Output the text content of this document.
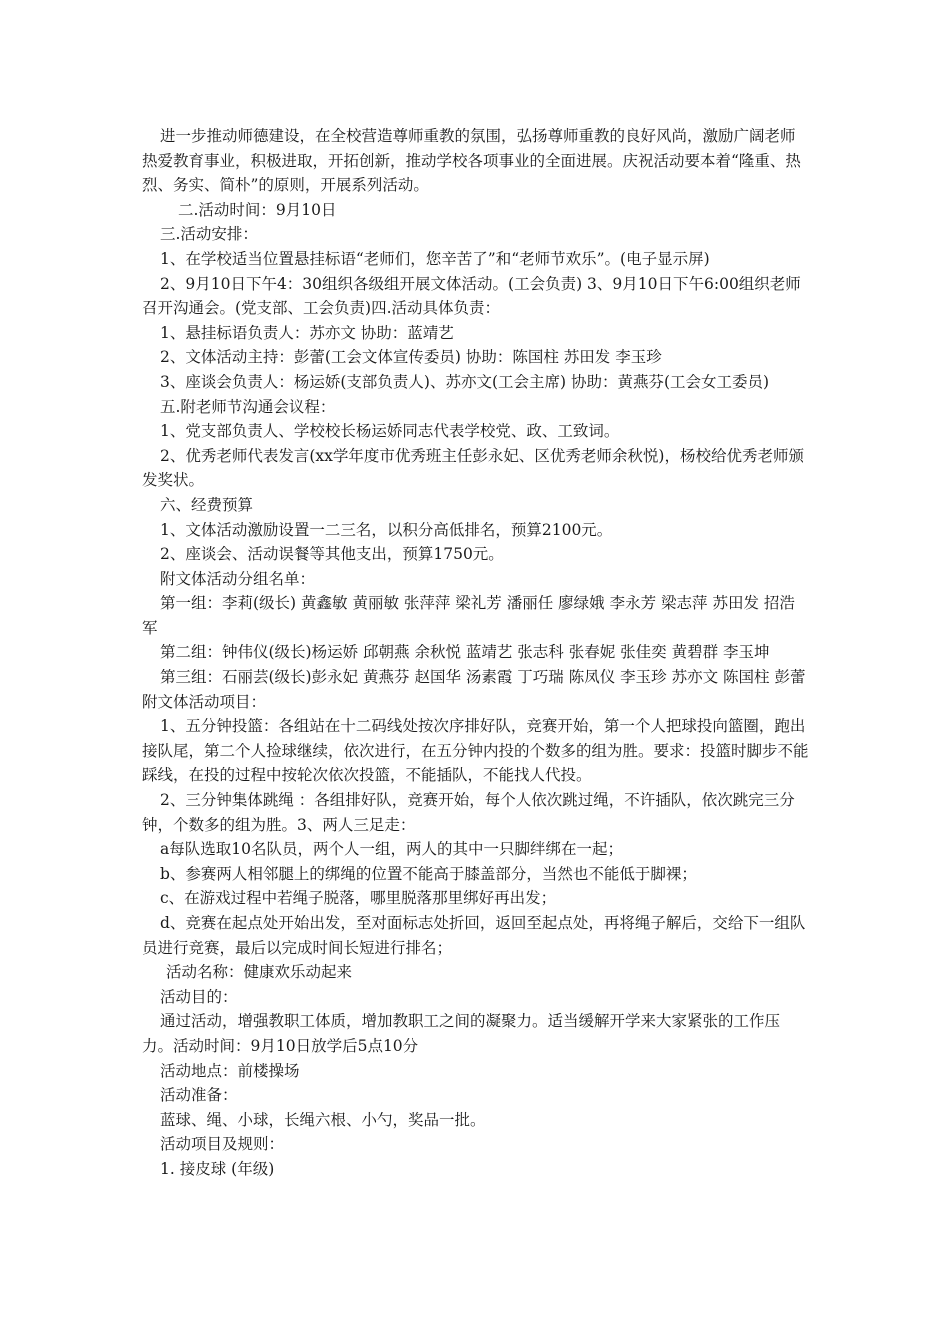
进一步推动师德建设，在全校营造尊师重教的氛围，弘扬尊师重教的良好风尚，激励广阔老师热爱教育事业，积极进取，开拓创新，推动学校各项事业的全面进展。庆祝活动要本着“隆重、热烈、务实、简朴”的原则，开展系列活动。

二.活动时间：9月10日

三.活动安排：

1、在学校适当位置悬挂标语“老师们，您辛苦了”和“老师节欢乐”。(电子显示屏)

2、9月10日下午4：30组织各级组开展文体活动。(工会负责) 3、9月10日下午6:00组织老师召开沟通会。(党支部、工会负责)四.活动具体负责：

1、悬挂标语负责人：苏亦文 协助：蓝靖艺

2、文体活动主持：彭蕾(工会文体宣传委员) 协助：陈国柱 苏田发 李玉珍

3、座谈会负责人：杨运娇(支部负责人)、苏亦文(工会主席) 协助：黄燕芬(工会女工委员)

五.附老师节沟通会议程：

1、党支部负责人、学校校长杨运娇同志代表学校党、政、工致词。

2、优秀老师代表发言(xx学年度市优秀班主任彭永妃、区优秀老师余秋悦)，杨校给优秀老师颁发奖状。

六、经费预算

1、文体活动激励设置一二三名，以积分高低排名，预算2100元。

2、座谈会、活动误餐等其他支出，预算1750元。

附文体活动分组名单：

第一组：李莉(级长) 黄鑫敏 黄丽敏 张萍萍 梁礼芳 潘丽任 廖绿娥 李永芳 梁志萍 苏田发 招浩军

第二组：钟伟仪(级长)杨运娇 邱朝燕 余秋悦 蓝靖艺 张志科 张春妮 张佳奕 黄碧群 李玉坤

第三组：石丽芸(级长)彭永妃 黄燕芬 赵国华 汤素霞 丁巧瑞 陈凤仪 李玉珍 苏亦文 陈国柱 彭蕾 附文体活动项目：

1、五分钟投篮：各组站在十二码线处按次序排好队，竞赛开始，第一个人把球投向篮圈，跑出接队尾，第二个人捡球继续，依次进行，在五分钟内投的个数多的组为胜。要求：投篮时脚步不能踩线，在投的过程中按轮次依次投篮，不能插队，不能找人代投。

2、三分钟集体跳绳 ：各组排好队，竞赛开始，每个人依次跳过绳，不许插队，依次跳完三分钟，个数多的组为胜。3、两人三足走：

a每队选取10名队员，两个人一组，两人的其中一只脚绊绑在一起；

b、参赛两人相邻腿上的绑绳的位置不能高于膝盖部分，当然也不能低于脚裸；

c、在游戏过程中若绳子脱落，哪里脱落那里绑好再出发；

d、竞赛在起点处开始出发，至对面标志处折回，返回至起点处，再将绳子解后，交给下一组队员进行竞赛，最后以完成时间长短进行排名；

活动名称：健康欢乐动起来

活动目的：

通过活动，增强教职工体质，增加教职工之间的凝聚力。适当缓解开学来大家紧张的工作压力。活动时间：9月10日放学后5点10分

活动地点：前楼操场

活动准备：

蓝球、绳、小球，长绳六根、小勺，奖品一批。

活动项目及规则：

1. 接皮球 (年级)
